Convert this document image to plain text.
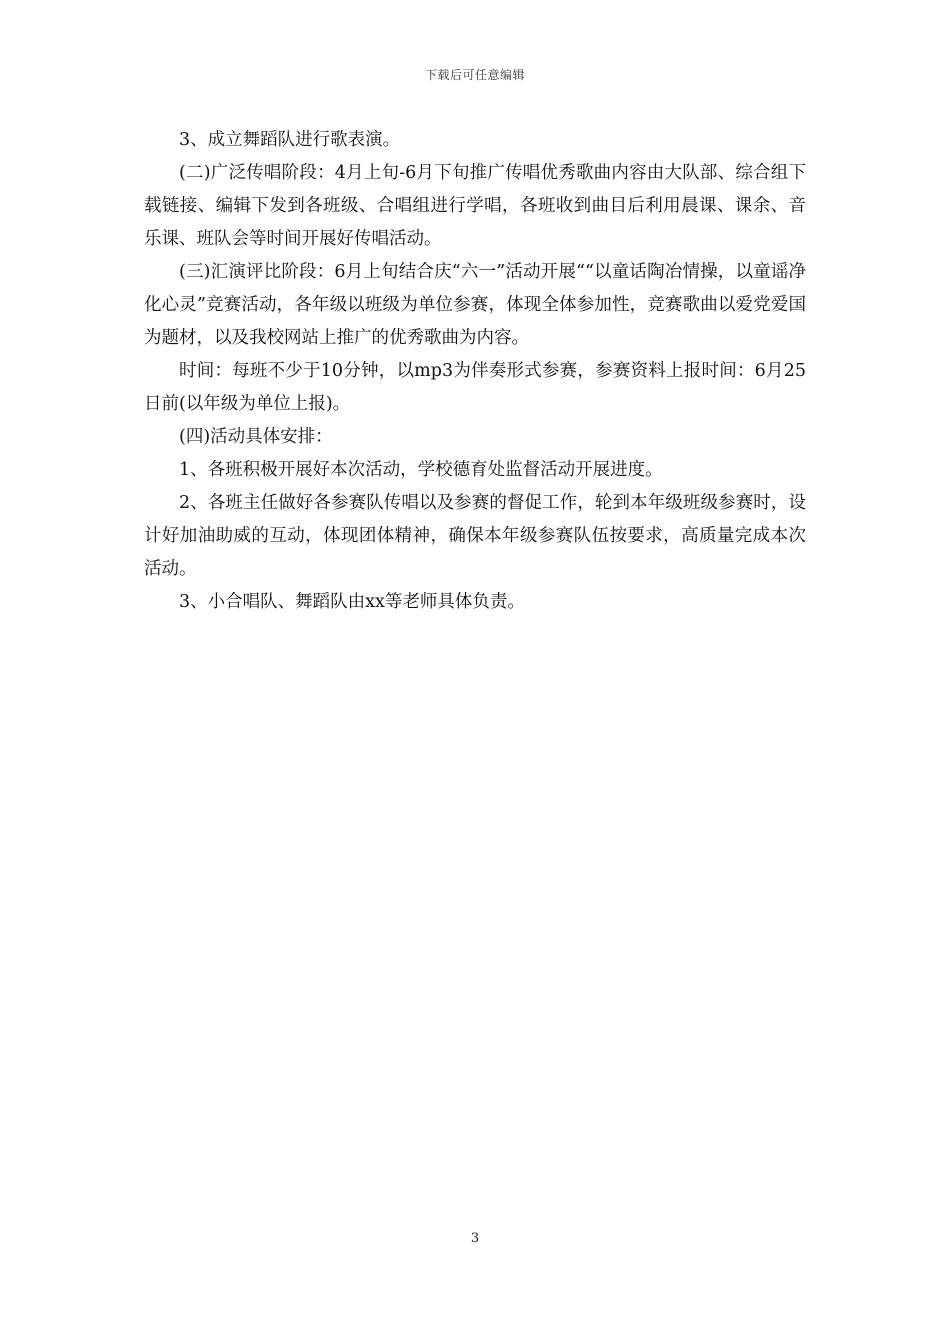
下载后可任意编辑

3、成立舞蹈队进行歌表演。

(二)广泛传唱阶段：4月上旬-6月下旬推广传唱优秀歌曲内容由大队部、综合组下载链接、编辑下发到各班级、合唱组进行学唱，各班收到曲目后利用晨课、课余、音乐课、班队会等时间开展好传唱活动。

(三)汇演评比阶段：6月上旬结合庆“六一”活动开展““以童话陶冶情操，以童谣净化心灵”竞赛活动，各年级以班级为单位参赛，体现全体参加性，竞赛歌曲以爱党爱国为题材，以及我校网站上推广的优秀歌曲为内容。

时间：每班不少于10分钟，以mp3为伴奏形式参赛，参赛资料上报时间：6月25日前(以年级为单位上报)。

(四)活动具体安排：

1、各班积极开展好本次活动，学校德育处监督活动开展进度。

2、各班主任做好各参赛队传唱以及参赛的督促工作，轮到本年级班级参赛时，设计好加油助威的互动，体现团体精神，确保本年级参赛队伍按要求，高质量完成本次活动。

3、小合唱队、舞蹈队由xx等老师具体负责。

3
